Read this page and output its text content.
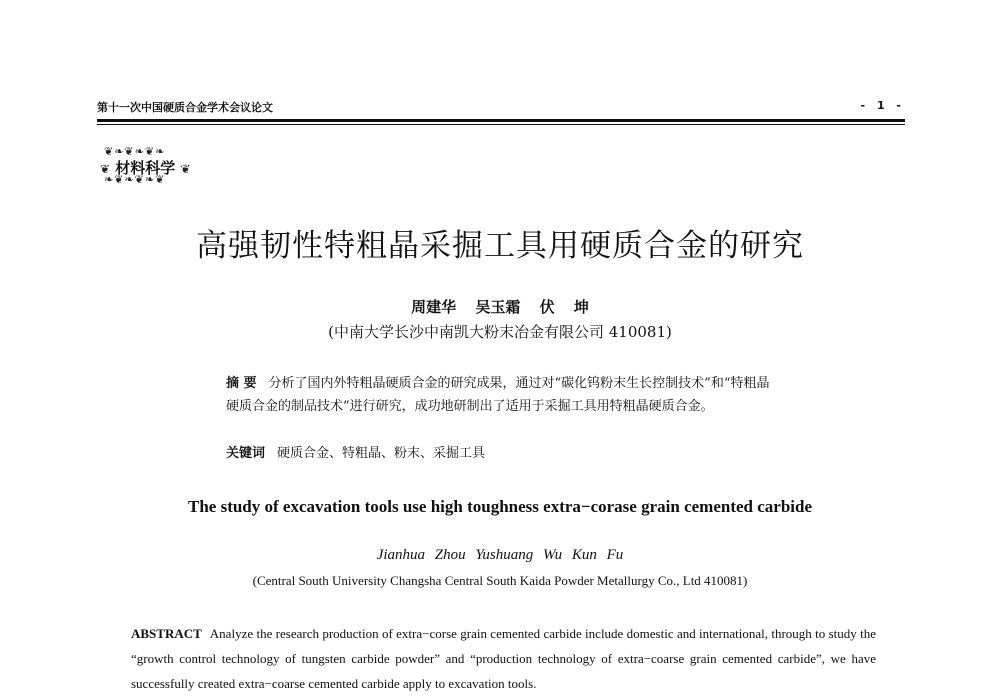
第十一次中国硬质合金学术会议论文	- 1 -
❦❧❦❧❦❧
❦ 材料科学 ❦
❧❦❧❦❧❦
高强韧性特粗晶采掘工具用硬质合金的研究
周建华 吴玉霜 伏 坤
(中南大学长沙中南凯大粉末冶金有限公司 410081)
摘 要 分析了国内外特粗晶硬质合金的研究成果，通过对“碳化钨粉末生长控制技术”和“特粗晶硬质合金的制品技术”进行研究，成功地研制出了适用于采掘工具用特粗晶硬质合金。
关键词 硬质合金、特粗晶、粉末、采掘工具
The study of excavation tools use high toughness extra−corase grain cemented carbide
Jianhua Zhou Yushuang Wu Kun Fu
(Central South University Changsha Central South Kaida Powder Metallurgy Co., Ltd 410081)
ABSTRACT Analyze the research production of extra−corse grain cemented carbide include domestic and international, through to study the “growth control technology of tungsten carbide powder” and “production technology of extra−coarse grain cemented carbide”, we have successfully created extra−coarse cemented carbide apply to excavation tools.
